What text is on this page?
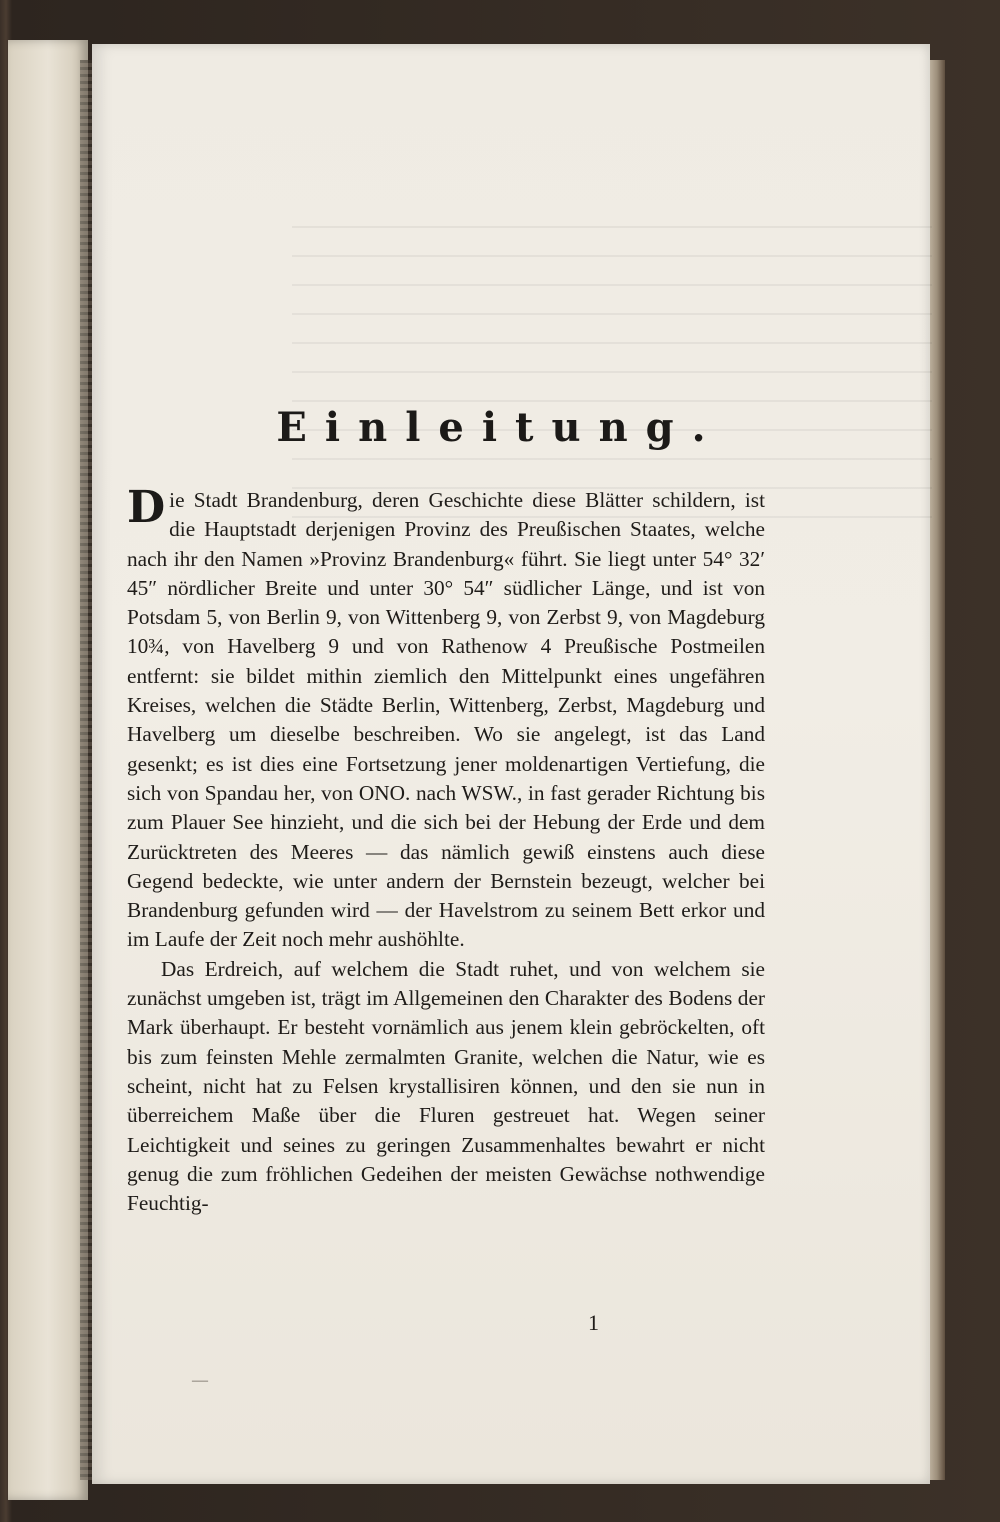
Einleitung.

Die Stadt Brandenburg, deren Geschichte diese Blätter schildern, ist die Hauptstadt derjenigen Provinz des Preußischen Staates, welche nach ihr den Namen »Provinz Brandenburg« führt. Sie liegt unter 54° 32′ 45″ nördlicher Breite und unter 30° 54″ südlicher Länge, und ist von Potsdam 5, von Berlin 9, von Wittenberg 9, von Zerbst 9, von Magdeburg 10¾, von Havelberg 9 und von Rathenow 4 Preußische Postmeilen entfernt: sie bildet mithin ziemlich den Mittelpunkt eines ungefähren Kreises, welchen die Städte Berlin, Wittenberg, Zerbst, Magdeburg und Havelberg um dieselbe beschreiben. Wo sie angelegt, ist das Land gesenkt; es ist dies eine Fortsetzung jener moldenartigen Vertiefung, die sich von Spandau her, von ONO. nach WSW., in fast gerader Richtung bis zum Plauer See hinzieht, und die sich bei der Hebung der Erde und dem Zurücktreten des Meeres — das nämlich gewiß einstens auch diese Gegend bedeckte, wie unter andern der Bernstein bezeugt, welcher bei Brandenburg gefunden wird — der Havelstrom zu seinem Bett erkor und im Laufe der Zeit noch mehr aushöhlte.

Das Erdreich, auf welchem die Stadt ruhet, und von welchem sie zunächst umgeben ist, trägt im Allgemeinen den Charakter des Bodens der Mark überhaupt. Er besteht vornämlich aus jenem klein gebröckelten, oft bis zum feinsten Mehle zermalmten Granite, welchen die Natur, wie es scheint, nicht hat zu Felsen krystallisiren können, und den sie nun in überreichem Maße über die Fluren gestreuet hat. Wegen seiner Leichtigkeit und seines zu geringen Zusammenhaltes bewahrt er nicht genug die zum fröhlichen Gedeihen der meisten Gewächse nothwendige Feuchtig-

1
—
